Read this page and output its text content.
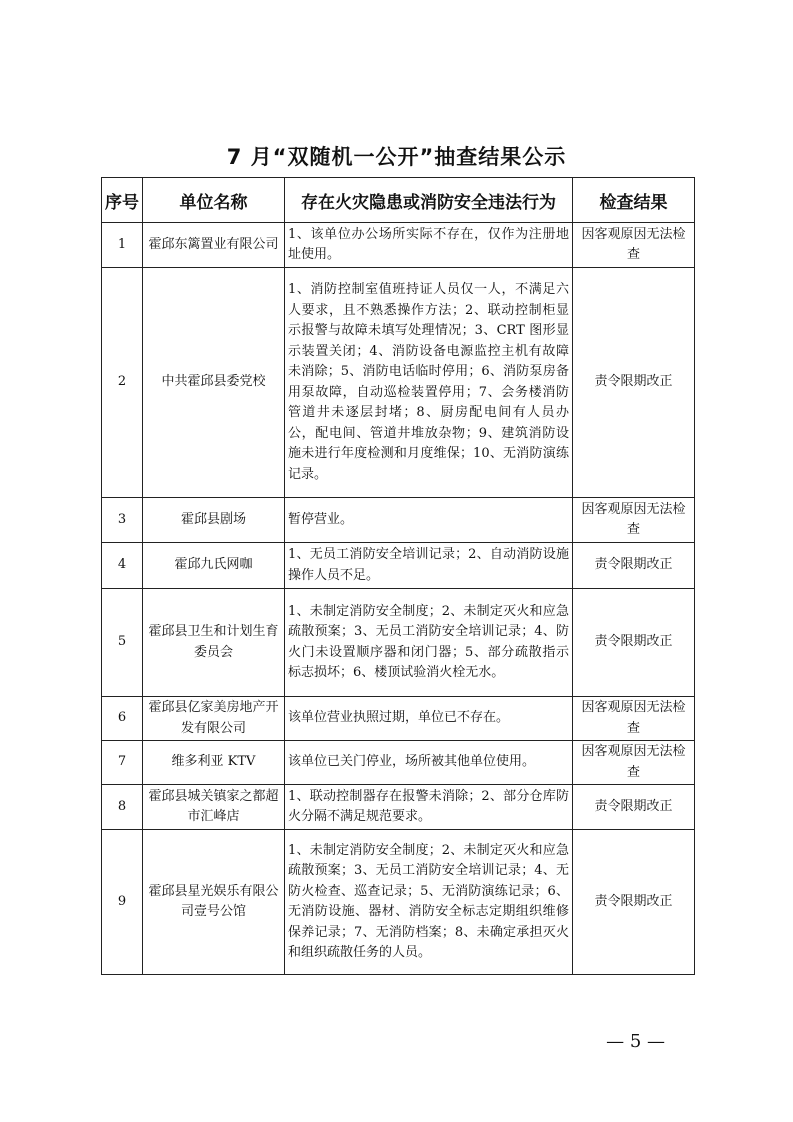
7 月“双随机一公开”抽查结果公示
序号	单位名称	存在火灾隐患或消防安全违法行为	检查结果
1	霍邱东篱置业有限公司	1、该单位办公场所实际不存在，仅作为注册地址使用。	因客观原因无法检查
2	中共霍邱县委党校	1、消防控制室值班持证人员仅一人，不满足六人要求，且不熟悉操作方法；2、联动控制柜显示报警与故障未填写处理情况；3、CRT 图形显示装置关闭；4、消防设备电源监控主机有故障未消除；5、消防电话临时停用；6、消防泵房备用泵故障，自动巡检装置停用；7、会务楼消防管道井未逐层封堵；8、厨房配电间有人员办公，配电间、管道井堆放杂物；9、建筑消防设施未进行年度检测和月度维保；10、无消防演练记录。	责令限期改正
3	霍邱县剧场	暂停营业。	因客观原因无法检查
4	霍邱九氏网咖	1、无员工消防安全培训记录；2、自动消防设施操作人员不足。	责令限期改正
5	霍邱县卫生和计划生育委员会	1、未制定消防安全制度；2、未制定灭火和应急疏散预案；3、无员工消防安全培训记录；4、防火门未设置顺序器和闭门器；5、部分疏散指示标志损坏；6、楼顶试验消火栓无水。	责令限期改正
6	霍邱县亿家美房地产开发有限公司	该单位营业执照过期，单位已不存在。	因客观原因无法检查
7	维多利亚 KTV	该单位已关门停业，场所被其他单位使用。	因客观原因无法检查
8	霍邱县城关镇家之都超市汇峰店	1、联动控制器存在报警未消除；2、部分仓库防火分隔不满足规范要求。	责令限期改正
9	霍邱县星光娱乐有限公司壹号公馆	1、未制定消防安全制度；2、未制定灭火和应急疏散预案；3、无员工消防安全培训记录；4、无防火检查、巡查记录；5、无消防演练记录；6、无消防设施、器材、消防安全标志定期组织维修保养记录；7、无消防档案；8、未确定承担灭火和组织疏散任务的人员。	责令限期改正
— 5 —
